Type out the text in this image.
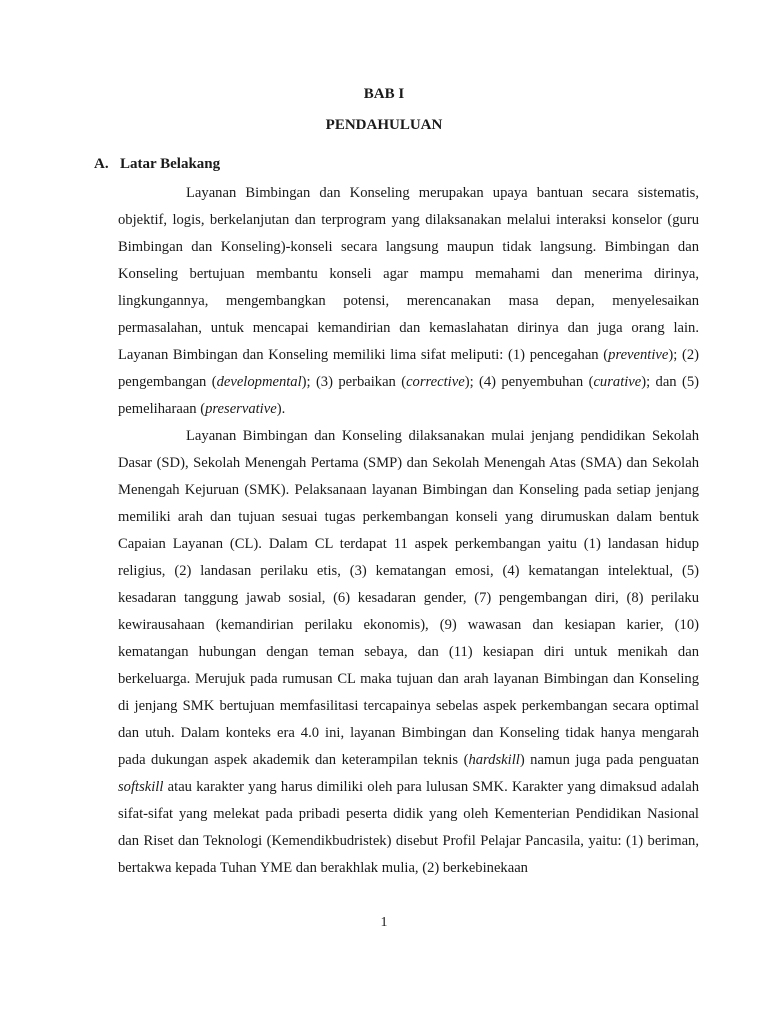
BAB I
PENDAHULUAN
A. Latar Belakang

Layanan Bimbingan dan Konseling merupakan upaya bantuan secara sistematis, objektif, logis, berkelanjutan dan terprogram yang dilaksanakan melalui interaksi konselor (guru Bimbingan dan Konseling)-konseli secara langsung maupun tidak langsung. Bimbingan dan Konseling bertujuan membantu konseli agar mampu memahami dan menerima dirinya, lingkungannya, mengembangkan potensi, merencanakan masa depan, menyelesaikan permasalahan, untuk mencapai kemandirian dan kemaslahatan dirinya dan juga orang lain. Layanan Bimbingan dan Konseling memiliki lima sifat meliputi: (1) pencegahan (preventive); (2) pengembangan (developmental); (3) perbaikan (corrective); (4) penyembuhan (curative); dan (5) pemeliharaan (preservative).

Layanan Bimbingan dan Konseling dilaksanakan mulai jenjang pendidikan Sekolah Dasar (SD), Sekolah Menengah Pertama (SMP) dan Sekolah Menengah Atas (SMA) dan Sekolah Menengah Kejuruan (SMK). Pelaksanaan layanan Bimbingan dan Konseling pada setiap jenjang memiliki arah dan tujuan sesuai tugas perkembangan konseli yang dirumuskan dalam bentuk Capaian Layanan (CL). Dalam CL terdapat 11 aspek perkembangan yaitu (1) landasan hidup religius, (2) landasan perilaku etis, (3) kematangan emosi, (4) kematangan intelektual, (5) kesadaran tanggung jawab sosial, (6) kesadaran gender, (7) pengembangan diri, (8) perilaku kewirausahaan (kemandirian perilaku ekonomis), (9) wawasan dan kesiapan karier, (10) kematangan hubungan dengan teman sebaya, dan (11) kesiapan diri untuk menikah dan berkeluarga. Merujuk pada rumusan CL maka tujuan dan arah layanan Bimbingan dan Konseling di jenjang SMK bertujuan memfasilitasi tercapainya sebelas aspek perkembangan secara optimal dan utuh. Dalam konteks era 4.0 ini, layanan Bimbingan dan Konseling tidak hanya mengarah pada dukungan aspek akademik dan keterampilan teknis (hardskill) namun juga pada penguatan softskill atau karakter yang harus dimiliki oleh para lulusan SMK. Karakter yang dimaksud adalah sifat-sifat yang melekat pada pribadi peserta didik yang oleh Kementerian Pendidikan Nasional dan Riset dan Teknologi (Kemendikbudristek) disebut Profil Pelajar Pancasila, yaitu: (1) beriman, bertakwa kepada Tuhan YME dan berakhlak mulia, (2) berkebinekaan

1
